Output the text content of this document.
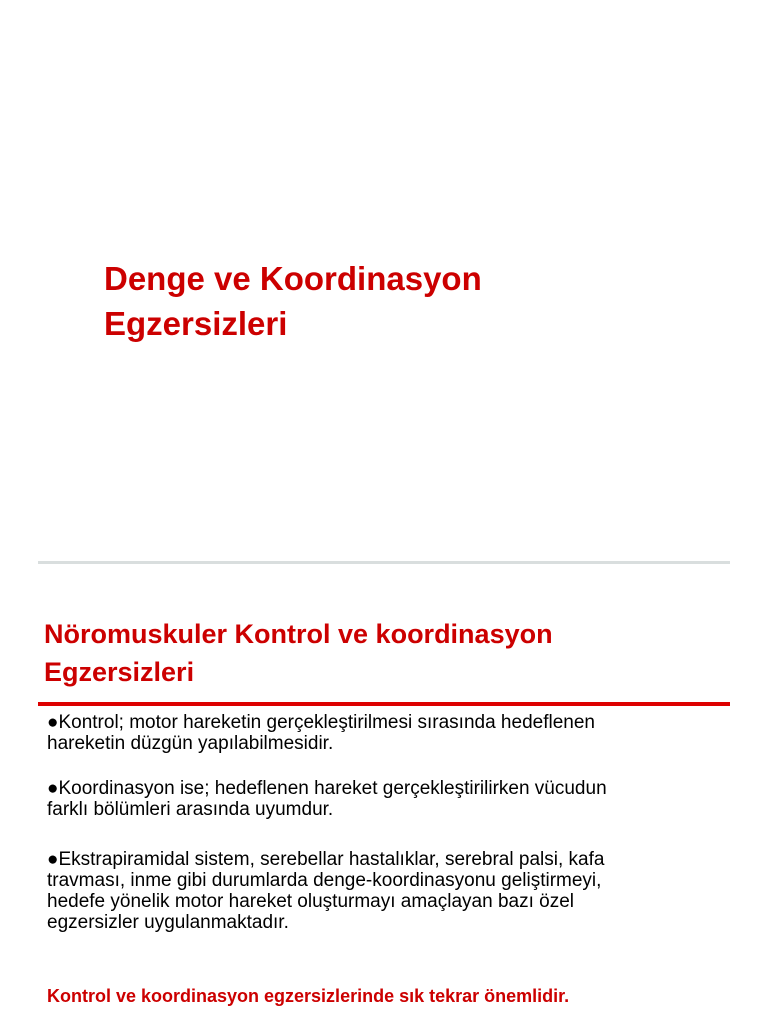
Denge ve Koordinasyon
Egzersizleri
Nöromuskuler Kontrol ve koordinasyon
Egzersizleri

●Kontrol; motor hareketin gerçekleştirilmesi sırasında hedeflenen
hareketin düzgün yapılabilmesidir.

●Koordinasyon ise; hedeflenen hareket gerçekleştirilirken vücudun
farklı bölümleri arasında uyumdur.

●Ekstrapiramidal sistem, serebellar hastalıklar, serebral palsi, kafa
travması, inme gibi durumlarda denge-koordinasyonu geliştirmeyi,
hedefe yönelik motor hareket oluşturmayı amaçlayan bazı özel
egzersizler uygulanmaktadır.

Kontrol ve koordinasyon egzersizlerinde sık tekrar önemlidir.
